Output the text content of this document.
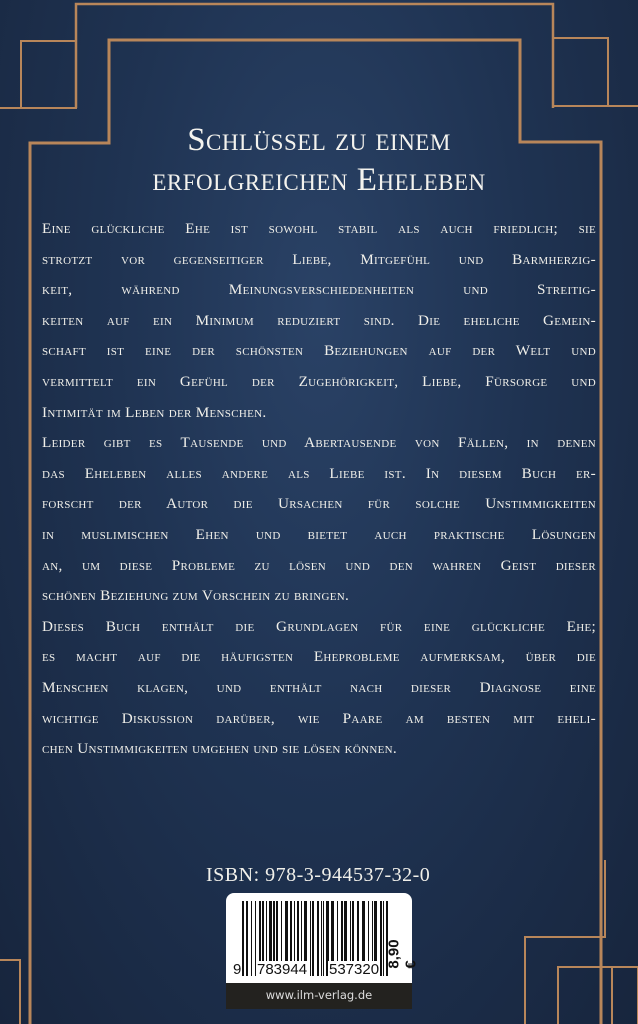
Schlüssel zu einem
erfolgreichen Eheleben
Eine glückliche Ehe ist sowohl stabil als auch friedlich; sie
strotzt vor gegenseitiger Liebe, Mitgefühl und Barmherzig-
keit, während Meinungsverschiedenheiten und Streitig-
keiten auf ein Minimum reduziert sind. Die eheliche Gemein-
schaft ist eine der schönsten Beziehungen auf der Welt und
vermittelt ein Gefühl der Zugehörigkeit, Liebe, Fürsorge und
Intimität im Leben der Menschen.
Leider gibt es Tausende und Abertausende von Fällen, in denen
das Eheleben alles andere als Liebe ist. In diesem Buch er-
forscht der Autor die Ursachen für solche Unstimmigkeiten
in muslimischen Ehen und bietet auch praktische Lösungen
an, um diese Probleme zu lösen und den wahren Geist dieser
schönen Beziehung zum Vorschein zu bringen.
Dieses Buch enthält die Grundlagen für eine glückliche Ehe;
es macht auf die häufigsten Eheprobleme aufmerksam, über die
Menschen klagen, und enthält nach dieser Diagnose eine
wichtige Diskussion darüber, wie Paare am besten mit eheli-
chen Unstimmigkeiten umgehen und sie lösen können.
ISBN: 978-3-944537-32-0
9 783944 537320
8,90 €
www.ilm-verlag.de
